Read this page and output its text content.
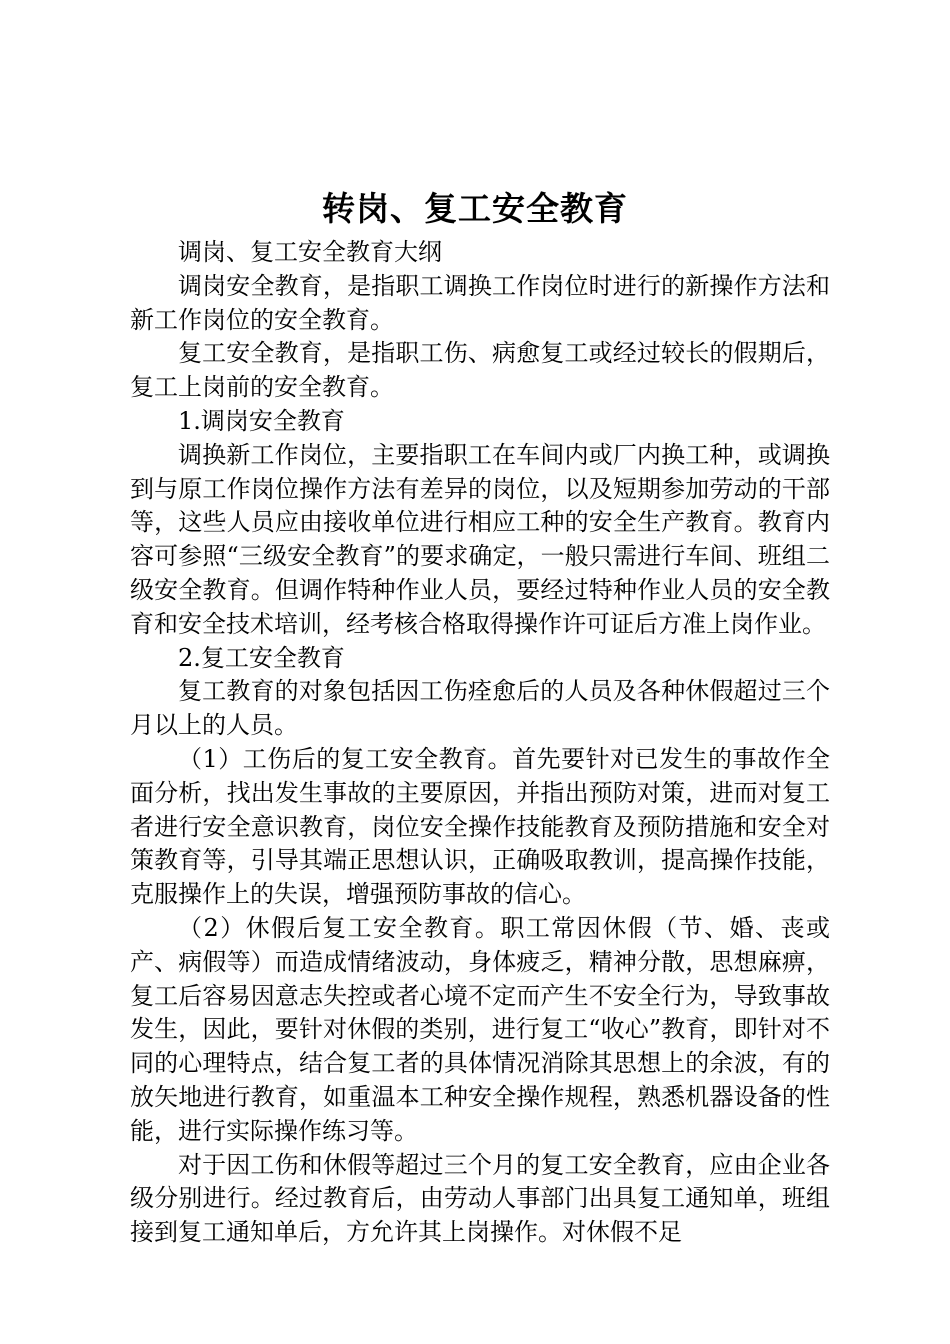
转岗、复工安全教育

调岗、复工安全教育大纲

调岗安全教育，是指职工调换工作岗位时进行的新操作方法和新工作岗位的安全教育。

复工安全教育，是指职工伤、病愈复工或经过较长的假期后，复工上岗前的安全教育。

1.调岗安全教育

调换新工作岗位，主要指职工在车间内或厂内换工种，或调换到与原工作岗位操作方法有差异的岗位，以及短期参加劳动的干部等，这些人员应由接收单位进行相应工种的安全生产教育。教育内容可参照“三级安全教育”的要求确定，一般只需进行车间、班组二级安全教育。但调作特种作业人员，要经过特种作业人员的安全教育和安全技术培训，经考核合格取得操作许可证后方准上岗作业。

2.复工安全教育

复工教育的对象包括因工伤痊愈后的人员及各种休假超过三个月以上的人员。

（1）工伤后的复工安全教育。首先要针对已发生的事故作全面分析，找出发生事故的主要原因，并指出预防对策，进而对复工者进行安全意识教育，岗位安全操作技能教育及预防措施和安全对策教育等，引导其端正思想认识，正确吸取教训，提高操作技能，克服操作上的失误，增强预防事故的信心。

（2）休假后复工安全教育。职工常因休假（节、婚、丧或产、病假等）而造成情绪波动，身体疲乏，精神分散，思想麻痹，复工后容易因意志失控或者心境不定而产生不安全行为，导致事故发生，因此，要针对休假的类别，进行复工“收心”教育，即针对不同的心理特点，结合复工者的具体情况消除其思想上的余波，有的放矢地进行教育，如重温本工种安全操作规程，熟悉机器设备的性能，进行实际操作练习等。

对于因工伤和休假等超过三个月的复工安全教育，应由企业各级分别进行。经过教育后，由劳动人事部门出具复工通知单，班组接到复工通知单后，方允许其上岗操作。对休假不足
